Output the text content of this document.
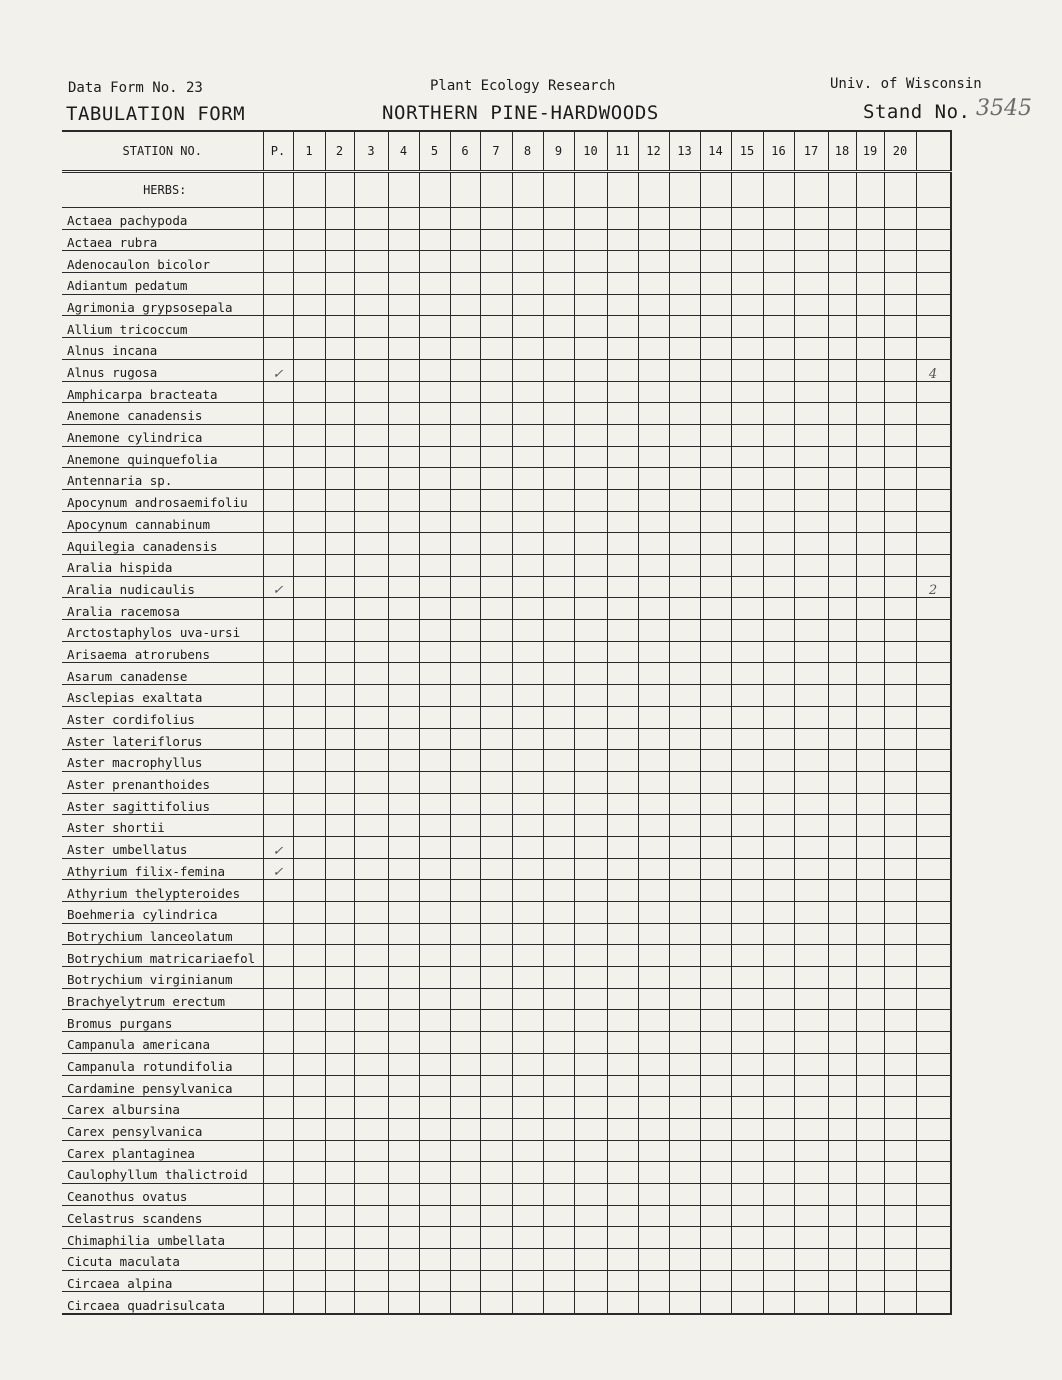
Data Form No. 23
TABULATION FORM
Plant Ecology Research
NORTHERN PINE-HARDWOODS
Univ. of Wisconsin
Stand No. 3545
STATION NO.	P.	1	2	3	4	5	6	7	8	9	10	11	12	13	14	15	16	17	18	19	20		
HERBS:																							
Actaea pachypoda																							
Actaea rubra																							
Adenocaulon bicolor																							
Adiantum pedatum																							
Agrimonia grypsosepala																							
Allium tricoccum																							
Alnus incana																							
Alnus rugosa	✓																					4	
Amphicarpa bracteata																							
Anemone canadensis																							
Anemone cylindrica																							
Anemone quinquefolia																							
Antennaria sp.																							
Apocynum androsaemifoliu																							
Apocynum cannabinum																							
Aquilegia canadensis																							
Aralia hispida																							
Aralia nudicaulis	✓																					2	
Aralia racemosa																							
Arctostaphylos uva-ursi																							
Arisaema atrorubens																							
Asarum canadense																							
Asclepias exaltata																							
Aster cordifolius																							
Aster lateriflorus																							
Aster macrophyllus																							
Aster prenanthoides																							
Aster sagittifolius																							
Aster shortii																							
Aster umbellatus	✓																						
Athyrium filix-femina	✓																						
Athyrium thelypteroides																							
Boehmeria cylindrica																							
Botrychium lanceolatum																							
Botrychium matricariaefol																							
Botrychium virginianum																							
Brachyelytrum erectum																							
Bromus purgans																							
Campanula americana																							
Campanula rotundifolia																							
Cardamine pensylvanica																							
Carex albursina																							
Carex pensylvanica																							
Carex plantaginea																							
Caulophyllum thalictroid																							
Ceanothus ovatus																							
Celastrus scandens																							
Chimaphilia umbellata																							
Cicuta maculata																							
Circaea alpina																							
Circaea quadrisulcata																							
